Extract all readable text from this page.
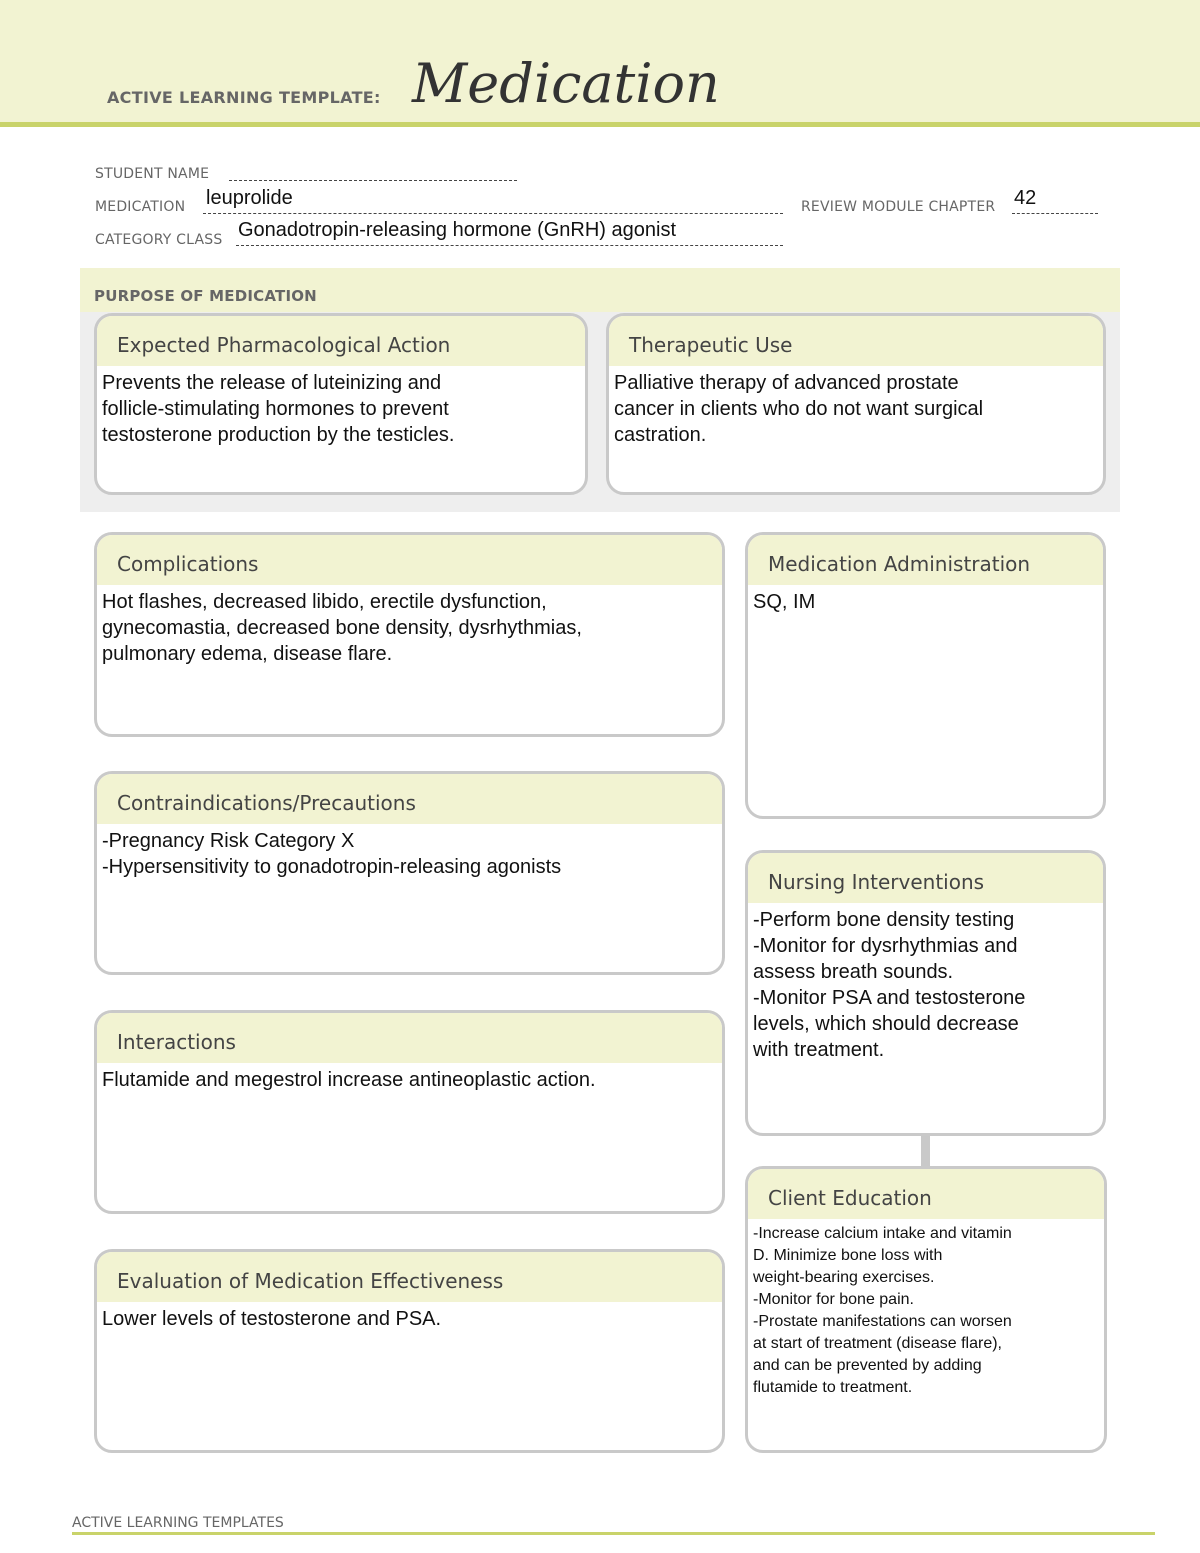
ACTIVE LEARNING TEMPLATE: Medication
STUDENT NAME
MEDICATION leuprolide	REVIEW MODULE CHAPTER 42
CATEGORY CLASS Gonadotropin-releasing hormone (GnRH) agonist
PURPOSE OF MEDICATION
Expected Pharmacological Action
Prevents the release of luteinizing and
follicle-stimulating hormones to prevent
testosterone production by the testicles.
Therapeutic Use
Palliative therapy of advanced prostate
cancer in clients who do not want surgical
castration.
Complications
Hot flashes, decreased libido, erectile dysfunction,
gynecomastia, decreased bone density, dysrhythmias,
pulmonary edema, disease flare.
Contraindications/Precautions
-Pregnancy Risk Category X
-Hypersensitivity to gonadotropin-releasing agonists
Interactions
Flutamide and megestrol increase antineoplastic action.
Evaluation of Medication Effectiveness
Lower levels of testosterone and PSA.
Medication Administration
SQ, IM
Nursing Interventions
-Perform bone density testing
-Monitor for dysrhythmias and
assess breath sounds.
-Monitor PSA and testosterone
levels, which should decrease
with treatment.
Client Education
-Increase calcium intake and vitamin
D. Minimize bone loss with
weight-bearing exercises.
-Monitor for bone pain.
-Prostate manifestations can worsen
at start of treatment (disease flare),
and can be prevented by adding
flutamide to treatment.
ACTIVE LEARNING TEMPLATES
